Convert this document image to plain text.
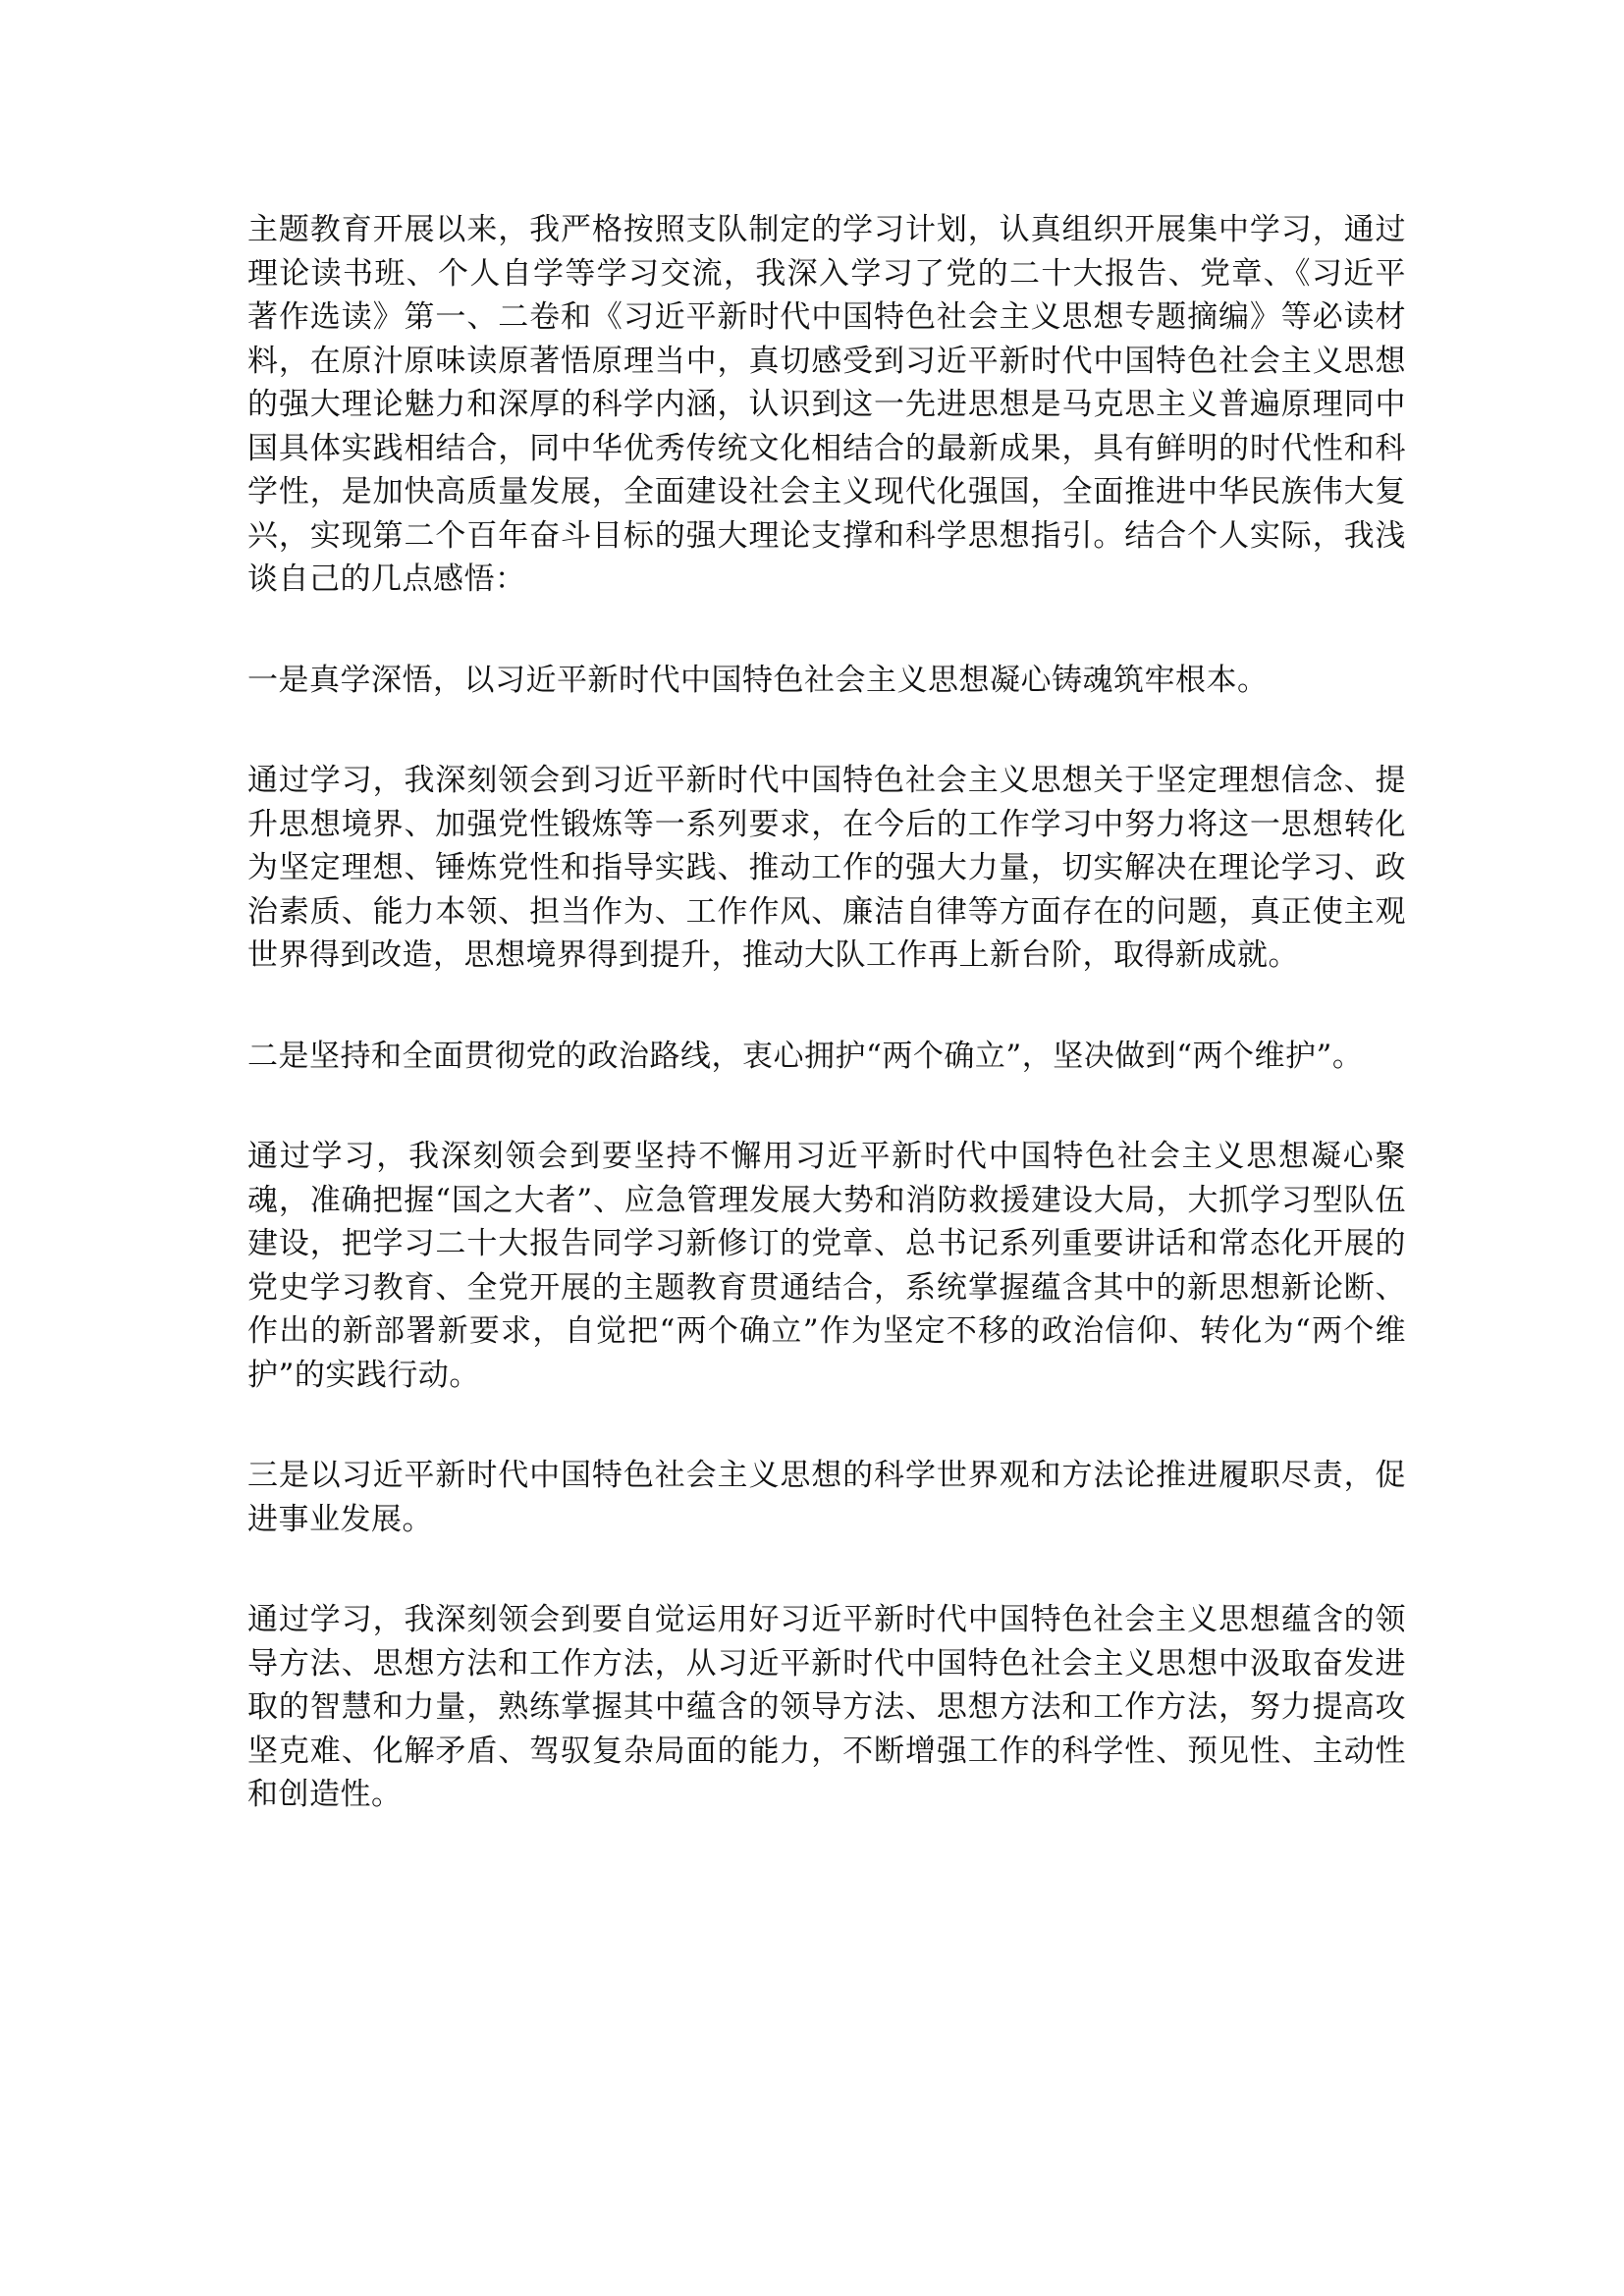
主题教育开展以来，我严格按照支队制定的学习计划，认真组织开展集中学习，通过理论读书班、个人自学等学习交流，我深入学习了党的二十大报告、党章、《习近平著作选读》第一、二卷和《习近平新时代中国特色社会主义思想专题摘编》等必读材料，在原汁原味读原著悟原理当中，真切感受到习近平新时代中国特色社会主义思想的强大理论魅力和深厚的科学内涵，认识到这一先进思想是马克思主义普遍原理同中国具体实践相结合，同中华优秀传统文化相结合的最新成果，具有鲜明的时代性和科学性，是加快高质量发展，全面建设社会主义现代化强国，全面推进中华民族伟大复兴，实现第二个百年奋斗目标的强大理论支撑和科学思想指引。结合个人实际，我浅谈自己的几点感悟：

一是真学深悟，以习近平新时代中国特色社会主义思想凝心铸魂筑牢根本。

通过学习，我深刻领会到习近平新时代中国特色社会主义思想关于坚定理想信念、提升思想境界、加强党性锻炼等一系列要求，在今后的工作学习中努力将这一思想转化为坚定理想、锤炼党性和指导实践、推动工作的强大力量，切实解决在理论学习、政治素质、能力本领、担当作为、工作作风、廉洁自律等方面存在的问题，真正使主观世界得到改造，思想境界得到提升，推动大队工作再上新台阶，取得新成就。

二是坚持和全面贯彻党的政治路线，衷心拥护“两个确立”，坚决做到“两个维护”。

通过学习，我深刻领会到要坚持不懈用习近平新时代中国特色社会主义思想凝心聚魂，准确把握“国之大者”、应急管理发展大势和消防救援建设大局，大抓学习型队伍建设，把学习二十大报告同学习新修订的党章、总书记系列重要讲话和常态化开展的党史学习教育、全党开展的主题教育贯通结合，系统掌握蕴含其中的新思想新论断、作出的新部署新要求，自觉把“两个确立”作为坚定不移的政治信仰、转化为“两个维护”的实践行动。

三是以习近平新时代中国特色社会主义思想的科学世界观和方法论推进履职尽责，促进事业发展。

通过学习，我深刻领会到要自觉运用好习近平新时代中国特色社会主义思想蕴含的领导方法、思想方法和工作方法，从习近平新时代中国特色社会主义思想中汲取奋发进取的智慧和力量，熟练掌握其中蕴含的领导方法、思想方法和工作方法，努力提高攻坚克难、化解矛盾、驾驭复杂局面的能力，不断增强工作的科学性、预见性、主动性和创造性。
